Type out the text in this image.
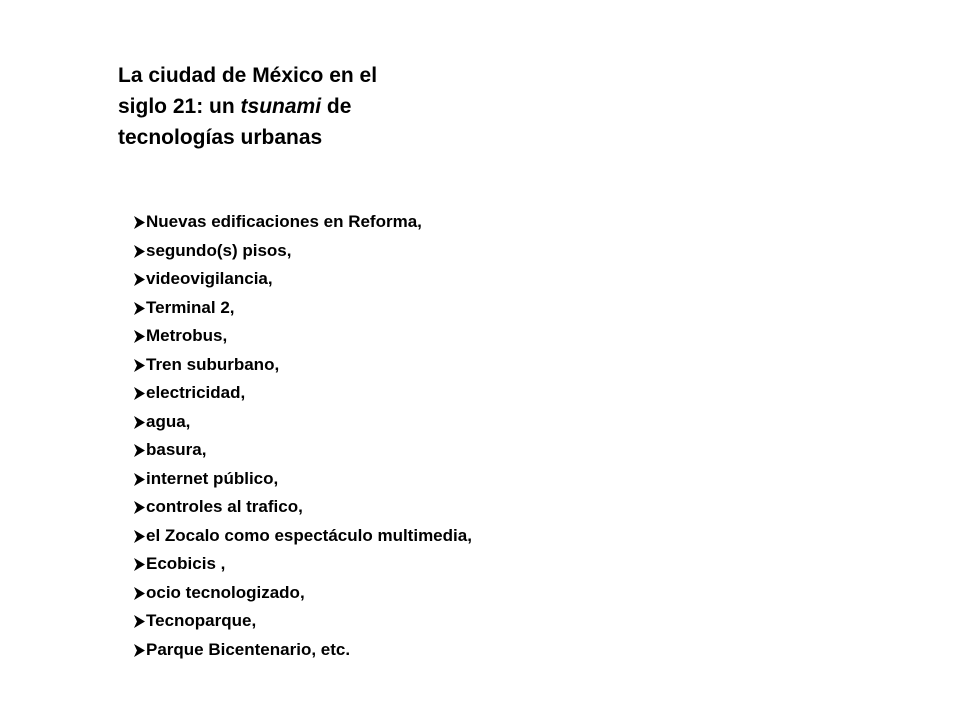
La ciudad de México en el
siglo 21: un tsunami de
tecnologías urbanas
Nuevas edificaciones en Reforma,
segundo(s) pisos,
videovigilancia,
Terminal 2,
Metrobus,
Tren suburbano,
electricidad,
agua,
basura,
internet público,
controles al trafico,
el Zocalo como espectáculo multimedia,
Ecobicis ,
ocio tecnologizado,
Tecnoparque,
Parque Bicentenario, etc.
